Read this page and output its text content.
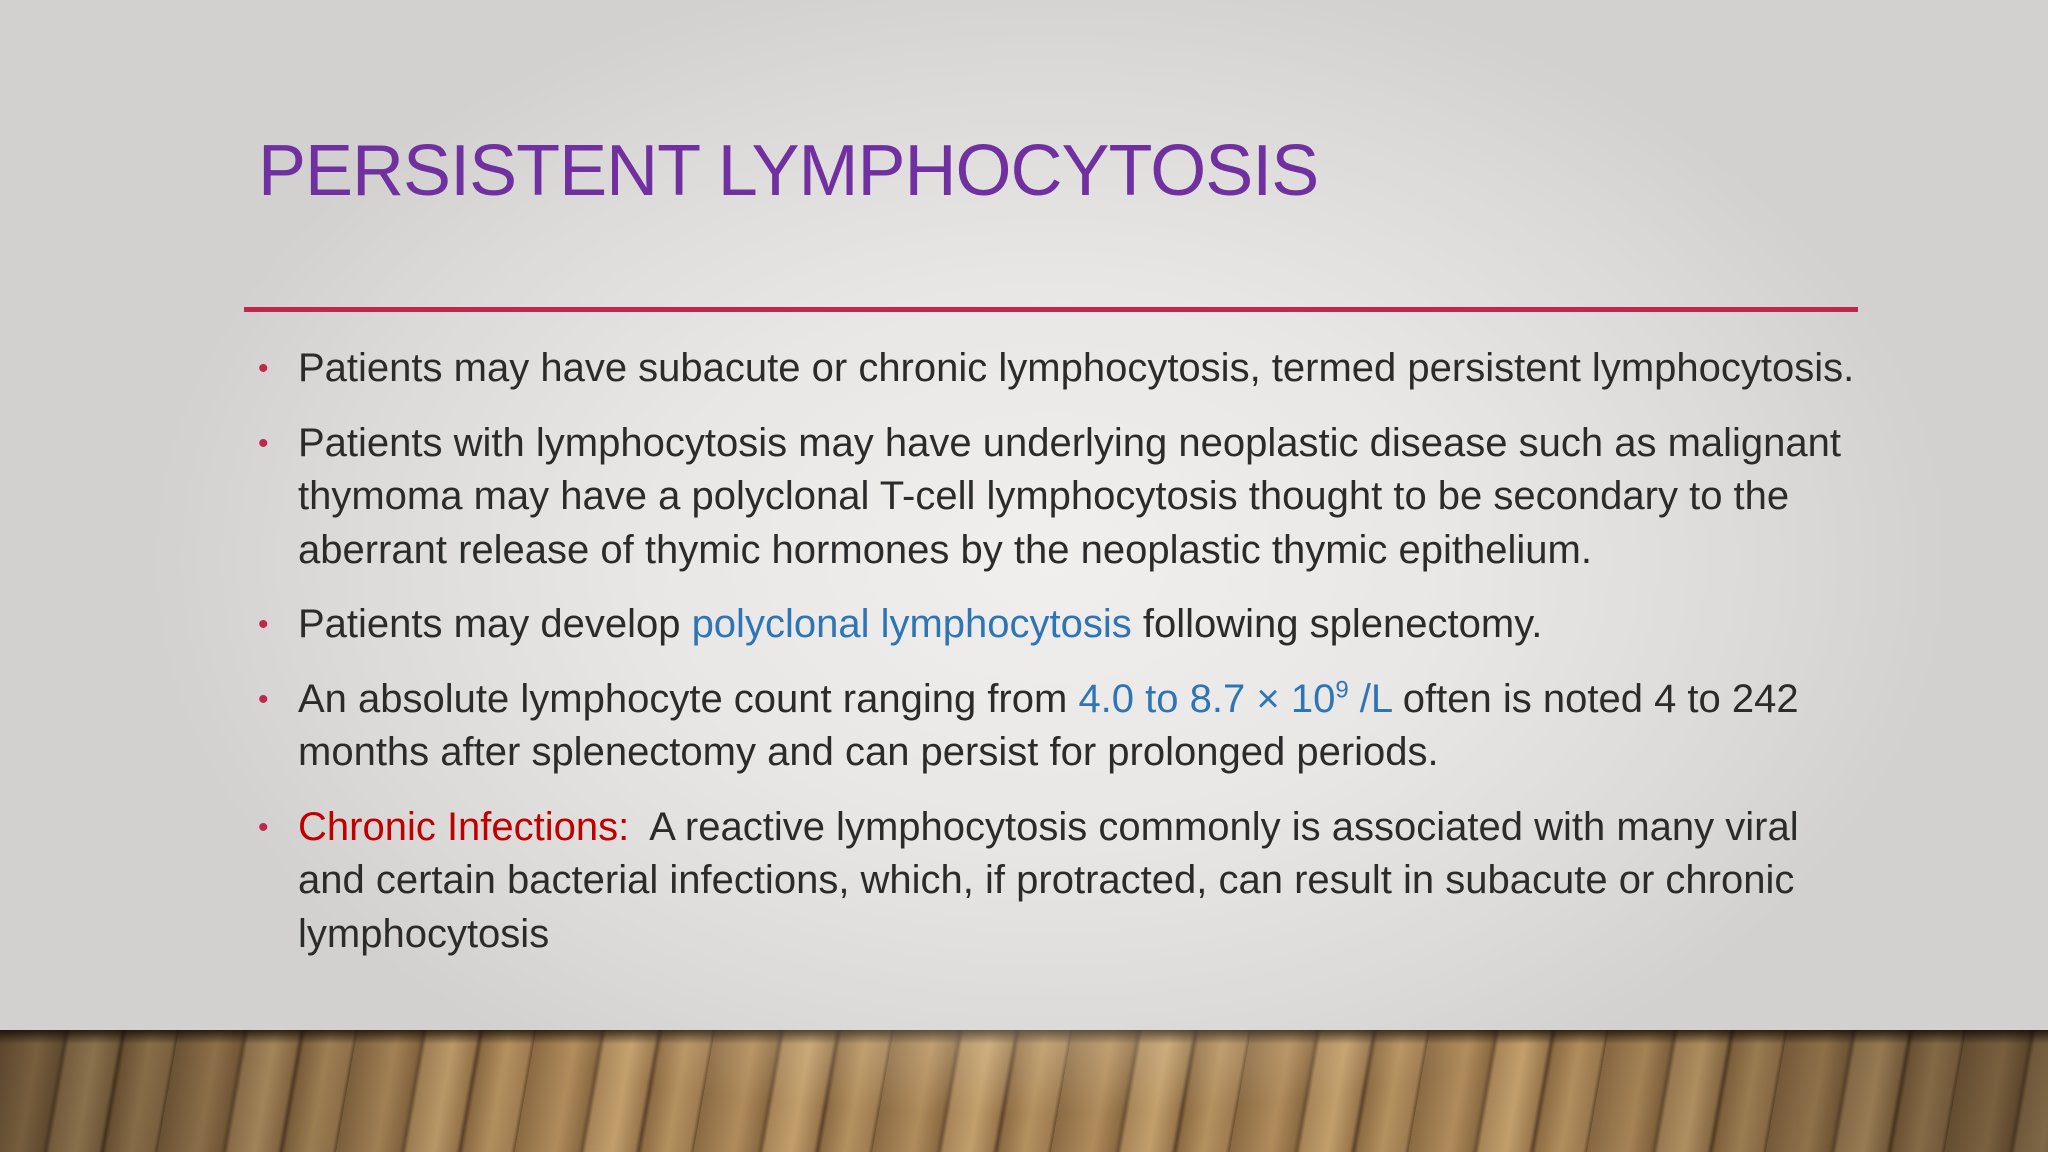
PERSISTENT LYMPHOCYTOSIS
• Patients may have subacute or chronic lymphocytosis, termed persistent lymphocytosis.
• Patients with lymphocytosis may have underlying neoplastic disease such as malignant thymoma may have a polyclonal T-cell lymphocytosis thought to be secondary to the aberrant release of thymic hormones by the neoplastic thymic epithelium.
• Patients may develop polyclonal lymphocytosis following splenectomy.
• An absolute lymphocyte count ranging from 4.0 to $8.7 \times 10^9$ /L often is noted 4 to 242 months after splenectomy and can persist for prolonged periods.
• Chronic Infections:  A reactive lymphocytosis commonly is associated with many viral and certain bacterial infections, which, if protracted, can result in subacute or chronic lymphocytosis
